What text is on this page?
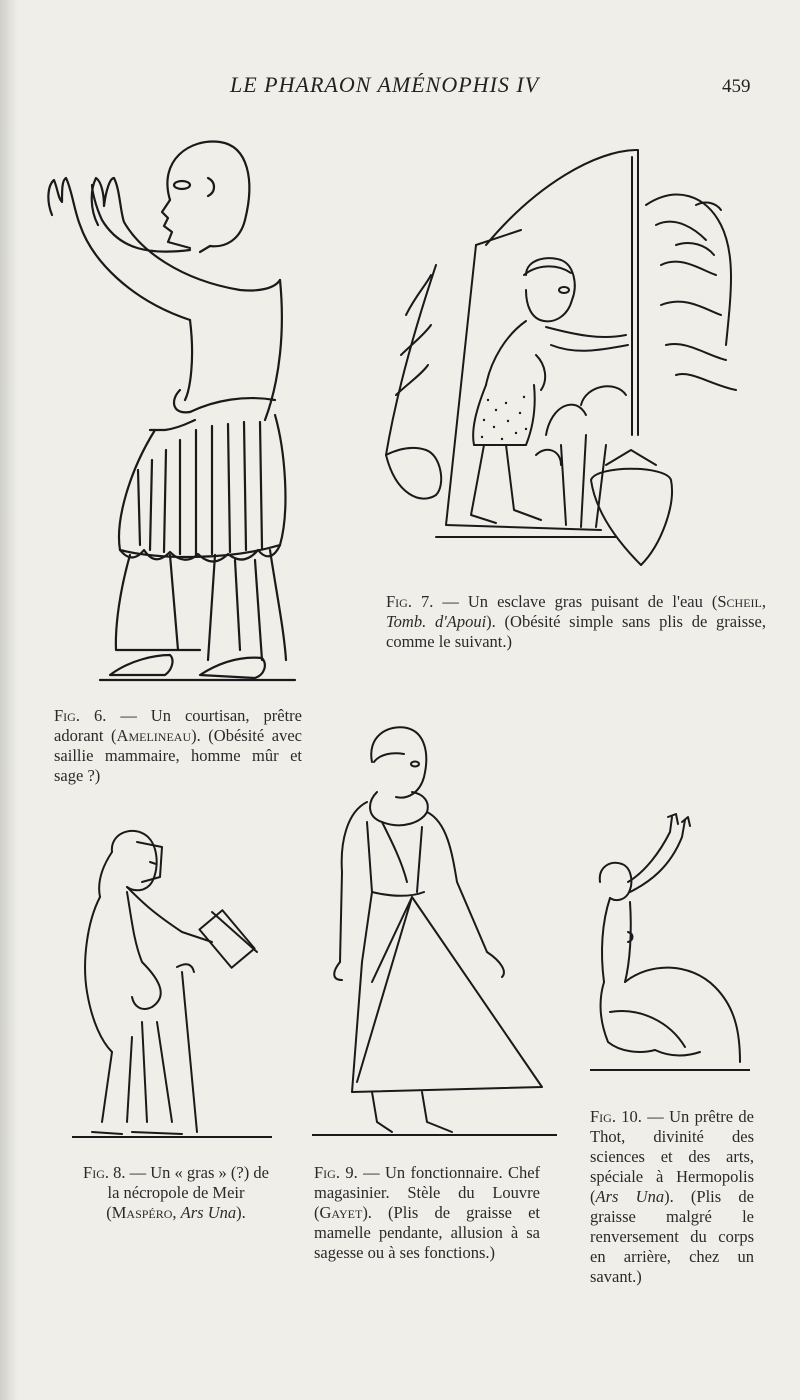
LE PHARAON AMÉNOPHIS IV	459
Fig. 6. — Un courtisan, prêtre adorant (Amelineau). (Obésité avec saillie mammaire, homme mûr et sage ?)
Fig. 7. — Un esclave gras puisant de l'eau (Scheil, Tomb. d'Apoui). (Obésité simple sans plis de graisse, comme le suivant.)
Fig. 8. — Un « gras » (?) de la nécropole de Meir (Maspéro, Ars Una).
Fig. 9. — Un fonctionnaire. Chef magasinier. Stèle du Louvre (Gayet). (Plis de graisse et mamelle pendante, allusion à sa sagesse ou à ses fonctions.)
Fig. 10. — Un prêtre de Thot, divinité des sciences et des arts, spéciale à Hermopolis (Ars Una). (Plis de graisse malgré le renversement du corps en arrière, chez un savant.)
